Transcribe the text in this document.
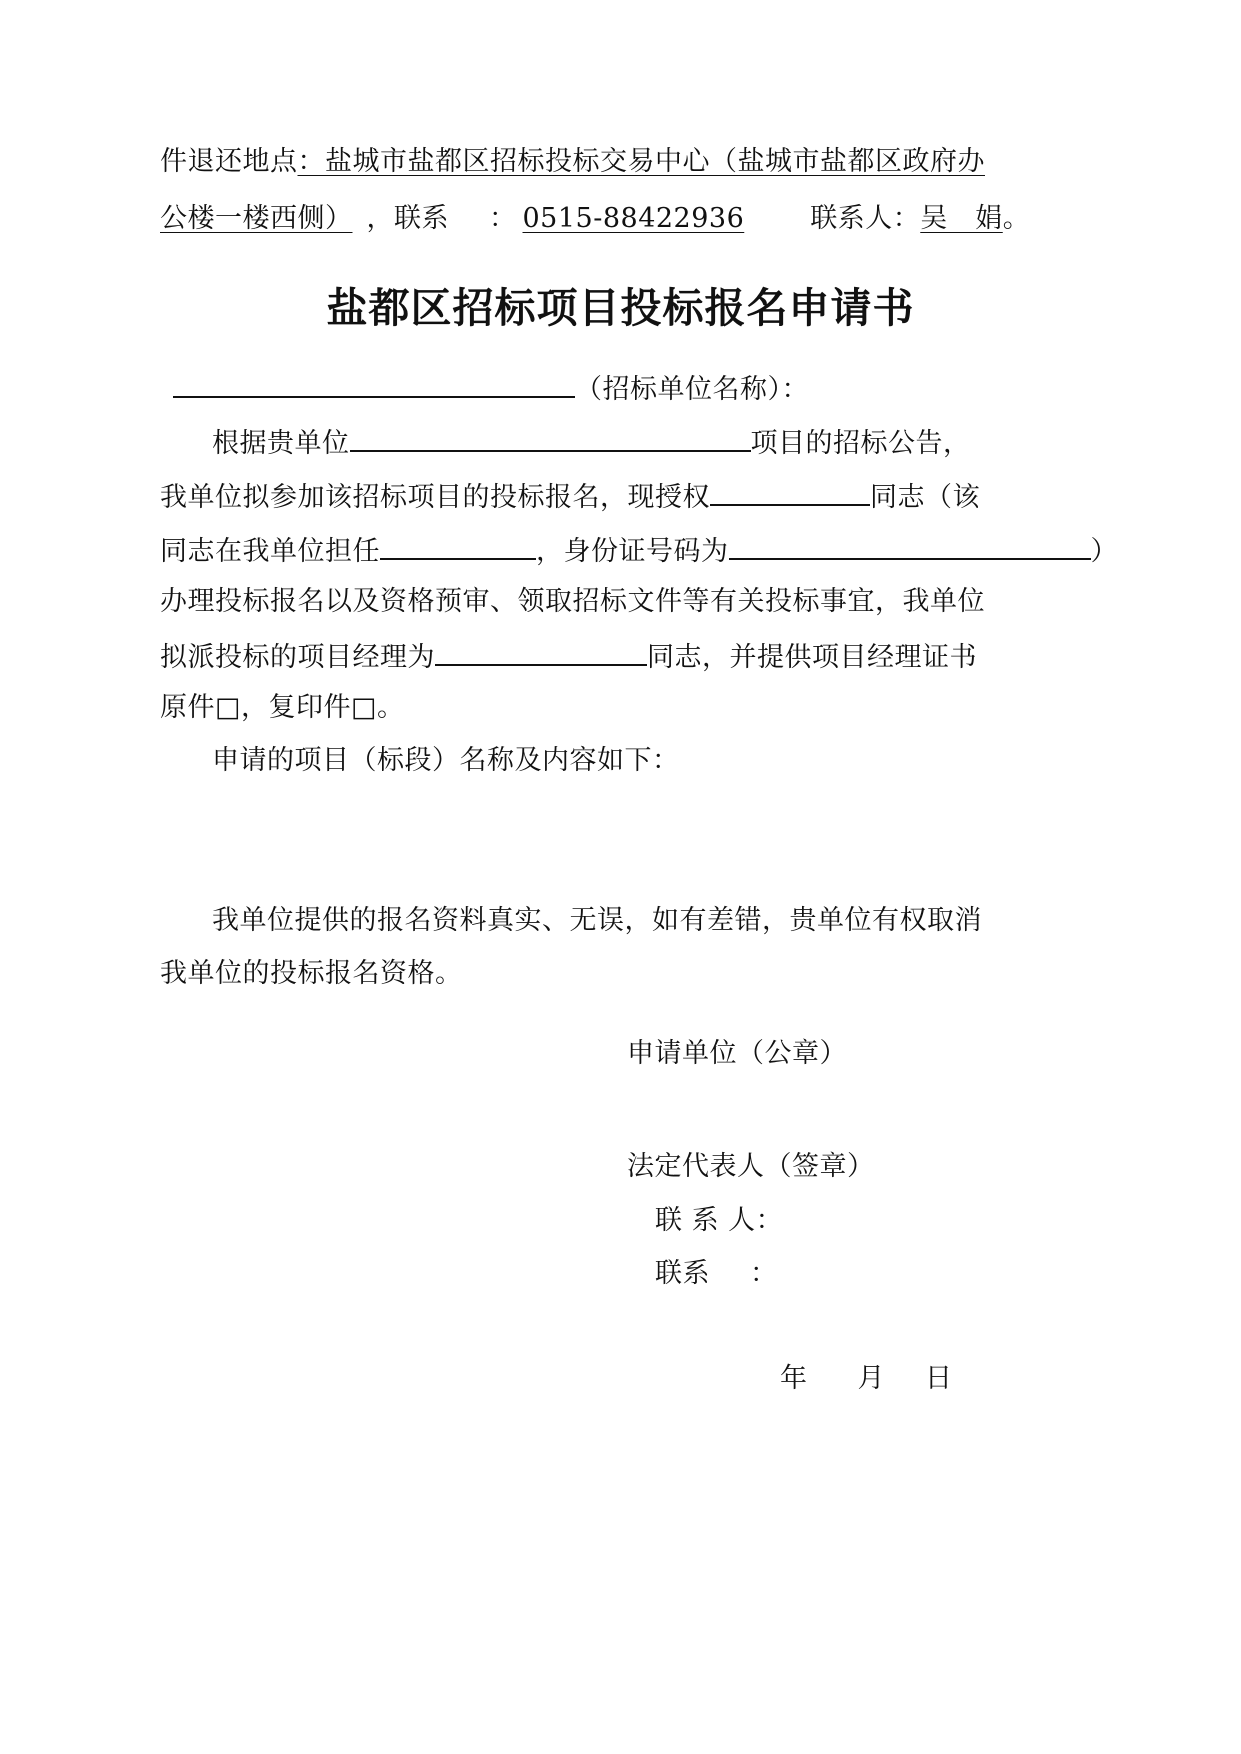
件退还地点：盐城市盐都区招标投标交易中心（盐城市盐都区政府办
公楼一楼西侧） ，联系 ： 0515-88422936 联系人：吴　娟。
盐都区招标项目投标报名申请书
（招标单位名称）：
根据贵单位	项目的招标公告，
我单位拟参加该招标项目的投标报名，现授权	同志（该
同志在我单位担任	，身份证号码为	）
办理投标报名以及资格预审、领取招标文件等有关投标事宜，我单位
拟派投标的项目经理为	同志，并提供项目经理证书
原件□，复印件□。
申请的项目（标段）名称及内容如下：
我单位提供的报名资料真实、无误，如有差错，贵单位有权取消
我单位的投标报名资格。
申请单位（公章）
法定代表人（签章）
联 系 人：
联系 ：
年 月 日
